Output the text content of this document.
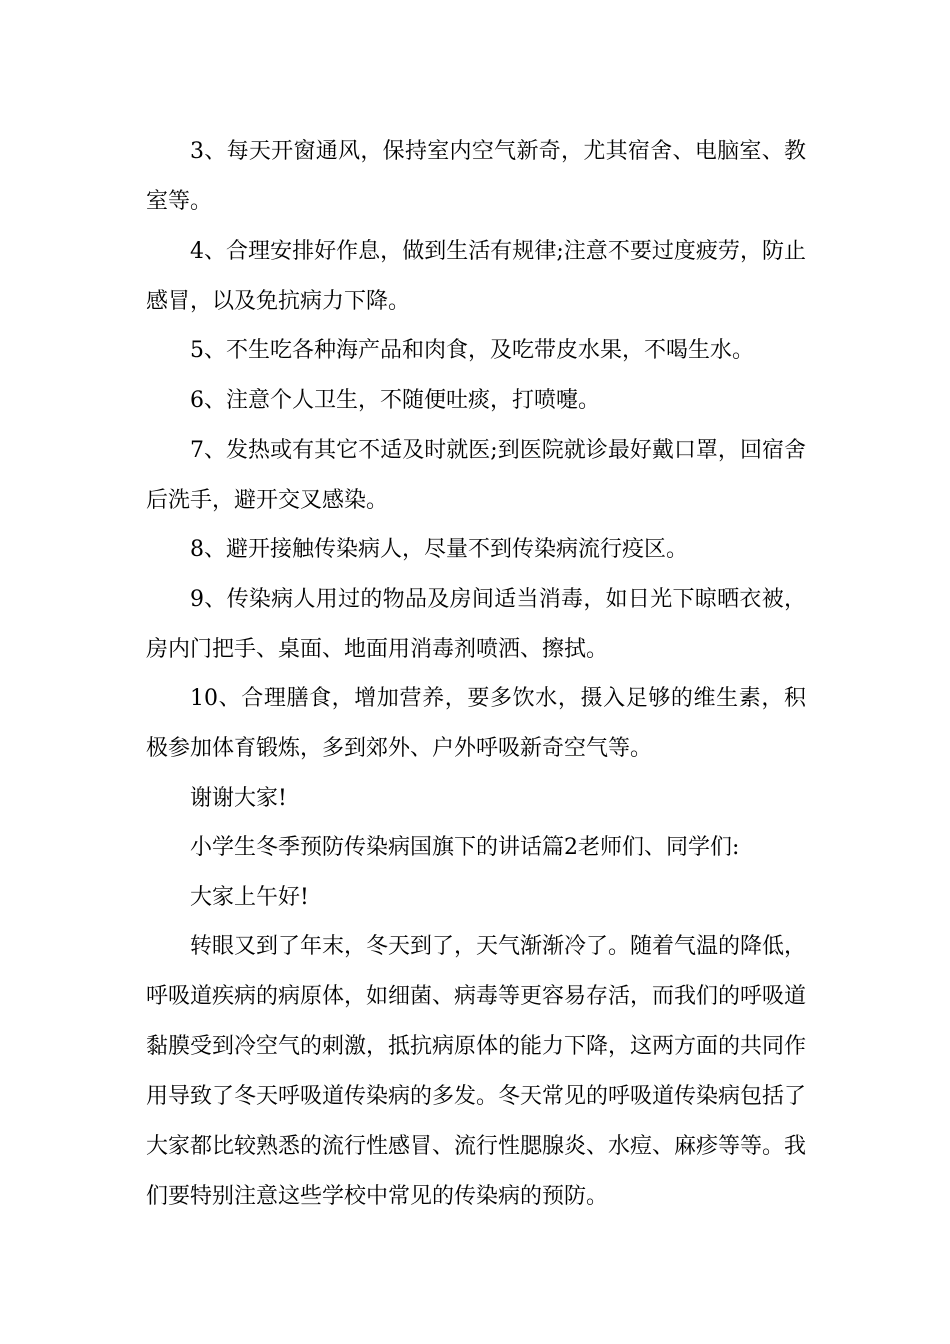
3、每天开窗通风，保持室内空气新奇，尤其宿舍、电脑室、教室等。

4、合理安排好作息，做到生活有规律;注意不要过度疲劳，防止感冒，以及免抗病力下降。

5、不生吃各种海产品和肉食，及吃带皮水果，不喝生水。

6、注意个人卫生，不随便吐痰，打喷嚏。

7、发热或有其它不适及时就医;到医院就诊最好戴口罩，回宿舍后洗手，避开交叉感染。

8、避开接触传染病人，尽量不到传染病流行疫区。

9、传染病人用过的物品及房间适当消毒，如日光下晾晒衣被，房内门把手、桌面、地面用消毒剂喷洒、擦拭。

10、合理膳食，增加营养，要多饮水，摄入足够的维生素，积极参加体育锻炼，多到郊外、户外呼吸新奇空气等。

谢谢大家!

小学生冬季预防传染病国旗下的讲话篇2老师们、同学们:

大家上午好!

转眼又到了年末，冬天到了，天气渐渐冷了。随着气温的降低，呼吸道疾病的病原体，如细菌、病毒等更容易存活，而我们的呼吸道黏膜受到冷空气的刺激，抵抗病原体的能力下降，这两方面的共同作用导致了冬天呼吸道传染病的多发。冬天常见的呼吸道传染病包括了大家都比较熟悉的流行性感冒、流行性腮腺炎、水痘、麻疹等等。我们要特别注意这些学校中常见的传染病的预防。
